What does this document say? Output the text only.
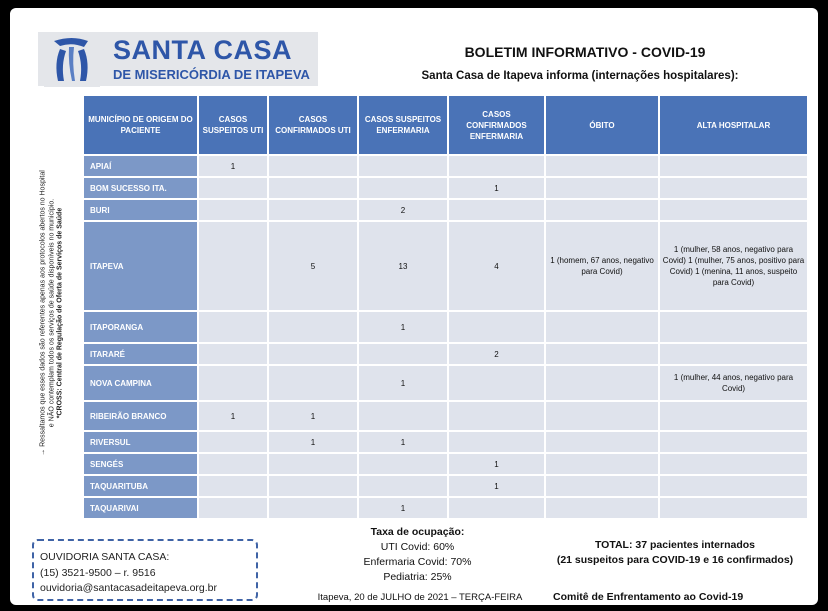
SANTA CASA
DE MISERICÓRDIA DE ITAPEVA
BOLETIM INFORMATIVO - COVID-19
Santa Casa de Itapeva informa (internações hospitalares):
→ Ressaltamos que esses dados são referentes apenas aos protocolos abertos no Hospital e NÃO contemplam todos os serviços de saúde disponíveis no município. *CROSS: Central de Regulação de Oferta de Serviços de Saúde
MUNICÍPIO DE ORIGEM DO PACIENTE	CASOS SUSPEITOS UTI	CASOS CONFIRMADOS UTI	CASOS SUSPEITOS ENFERMARIA	CASOS CONFIRMADOS ENFERMARIA	ÓBITO	ALTA HOSPITALAR
APIAÍ	1					
BOM SUCESSO ITA.				1		
BURI			2			
ITAPEVA		5	13	4	1 (homem, 67 anos, negativo para Covid)	1 (mulher, 58 anos, negativo para Covid) 1 (mulher, 75 anos, positivo para Covid) 1 (menina, 11 anos, suspeito para Covid)
ITAPORANGA			1			
ITARARÉ				2		
NOVA CAMPINA			1			1 (mulher, 44 anos, negativo para Covid)
RIBEIRÃO BRANCO	1	1				
RIVERSUL		1	1			
SENGÉS				1		
TAQUARITUBA				1		
TAQUARIVAI			1			
OUVIDORIA SANTA CASA:
(15) 3521-9500 – r. 9516
ouvidoria@santacasadeitapeva.org.br
Taxa de ocupação:
UTI Covid: 60%
Enfermaria Covid: 70%
Pediatria: 25%
Itapeva, 20 de JULHO de 2021 – TERÇA-FEIRA
TOTAL: 37 pacientes internados
(21 suspeitos para COVID-19 e 16 confirmados)
Comitê de Enfrentamento ao Covid-19
